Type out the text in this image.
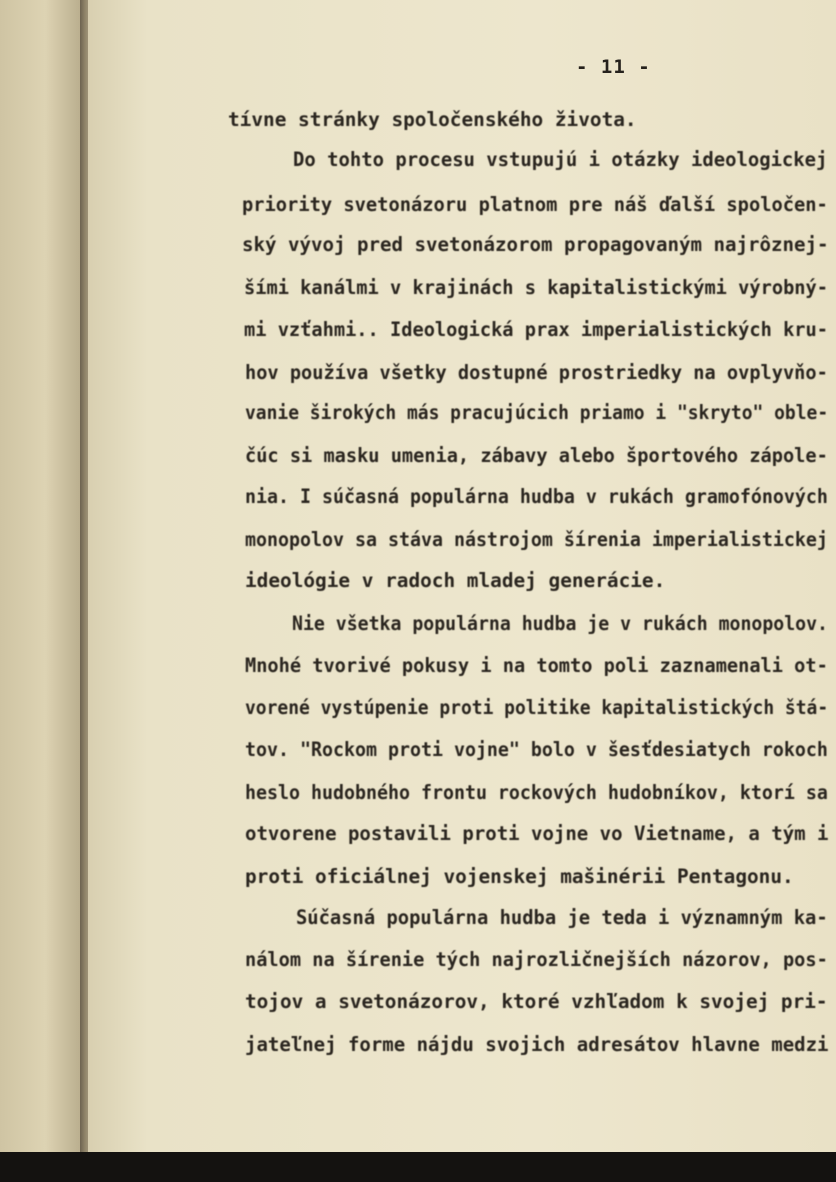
- 11 -

tívne stránky spoločenského života.

Do tohto procesu vstupujú i otázky ideologickej

priority svetonázoru platnom pre náš ďalší spoločen-

ský vývoj pred svetonázorom propagovaným najrôznej-

šími kanálmi v krajinách s kapitalistickými výrobný-

mi vzťahmi.. Ideologická prax imperialistických kru-

hov používa všetky dostupné prostriedky na ovplyvňo-

vanie širokých más pracujúcich priamo i "skryto" oble-

čúc si masku umenia, zábavy alebo športového zápole-

nia. I súčasná populárna hudba v rukách gramofónových

monopolov sa stáva nástrojom šírenia imperialistickej

ideológie v radoch mladej generácie.

Nie všetka populárna hudba je v rukách monopolov.

Mnohé tvorivé pokusy i na tomto poli zaznamenali ot-

vorené vystúpenie proti politike kapitalistických štá-

tov. "Rockom proti vojne" bolo v šesťdesiatych rokoch

heslo hudobného frontu rockových hudobníkov, ktorí sa

otvorene postavili proti vojne vo Vietname, a tým i

proti oficiálnej vojenskej mašinérii Pentagonu.

Súčasná populárna hudba je teda i významným ka-

nálom na šírenie tých najrozličnejších názorov, pos-

tojov a svetonázorov, ktoré vzhľadom k svojej pri-

jateľnej forme nájdu svojich adresátov hlavne medzi
